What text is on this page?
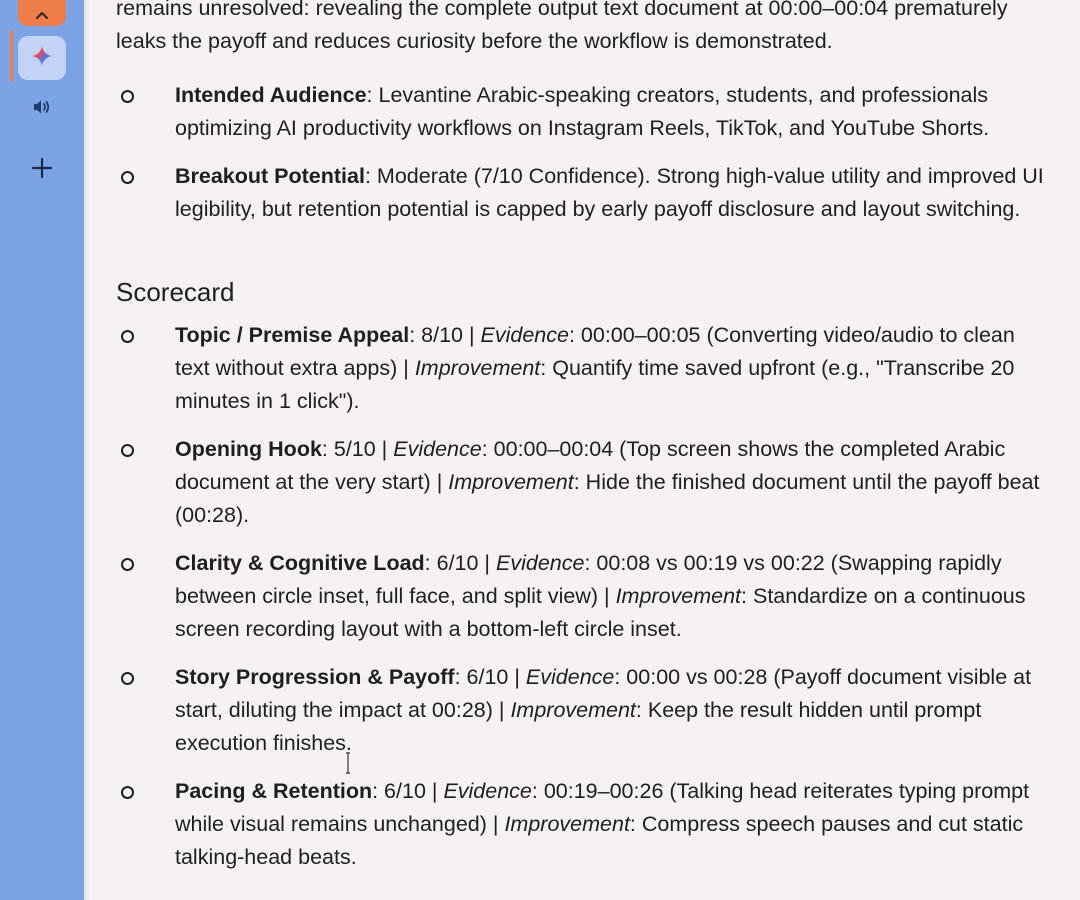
remains unresolved: revealing the complete output text document at 00:00–00:04 prematurely leaks the payoff and reduces curiosity before the workflow is demonstrated.

Intended Audience: Levantine Arabic-speaking creators, students, and professionals optimizing AI productivity workflows on Instagram Reels, TikTok, and YouTube Shorts.
Breakout Potential: Moderate (7/10 Confidence). Strong high-value utility and improved UI legibility, but retention potential is capped by early payoff disclosure and layout switching.
Scorecard
Topic / Premise Appeal: 8/10 | Evidence: 00:00–00:05 (Converting video/audio to clean text without extra apps) | Improvement: Quantify time saved upfront (e.g., "Transcribe 20 minutes in 1 click").
Opening Hook: 5/10 | Evidence: 00:00–00:04 (Top screen shows the completed Arabic document at the very start) | Improvement: Hide the finished document until the payoff beat (00:28).
Clarity & Cognitive Load: 6/10 | Evidence: 00:08 vs 00:19 vs 00:22 (Swapping rapidly between circle inset, full face, and split view) | Improvement: Standardize on a continuous screen recording layout with a bottom-left circle inset.
Story Progression & Payoff: 6/10 | Evidence: 00:00 vs 00:28 (Payoff document visible at start, diluting the impact at 00:28) | Improvement: Keep the result hidden until prompt execution finishes.
Pacing & Retention: 6/10 | Evidence: 00:19–00:26 (Talking head reiterates typing prompt while visual remains unchanged) | Improvement: Compress speech pauses and cut static talking-head beats.
